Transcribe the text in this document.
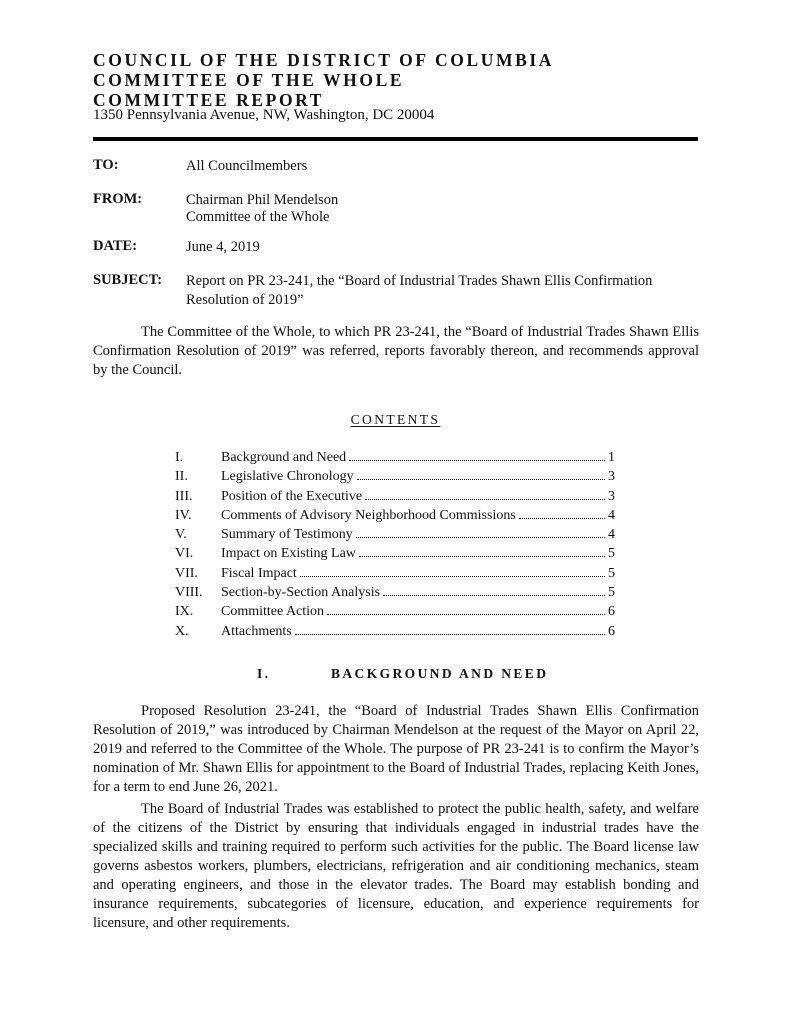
COUNCIL OF THE DISTRICT OF COLUMBIA

COMMITTEE OF THE WHOLE

COMMITTEE REPORT

1350 Pennsylvania Avenue, NW, Washington, DC 20004

TO:	All Councilmembers

FROM:	Chairman Phil Mendelson

Committee of the Whole

DATE:	June 4, 2019

SUBJECT: Report on PR 23-241, the “Board of Industrial Trades Shawn Ellis Confirmation Resolution of 2019”

The Committee of the Whole, to which PR 23-241, the “Board of Industrial Trades Shawn Ellis Confirmation Resolution of 2019” was referred, reports favorably thereon, and recommends approval by the Council.

CONTENTS

I.	Background and Need	1
II.	Legislative Chronology	3
III.	Position of the Executive	3
IV.	Comments of Advisory Neighborhood Commissions	4
V.	Summary of Testimony	4
VI.	Impact on Existing Law	5
VII.	Fiscal Impact	5
VIII.	Section-by-Section Analysis	5
IX.	Committee Action	6
X.	Attachments	6

I.	BACKGROUND AND NEED

Proposed Resolution 23-241, the “Board of Industrial Trades Shawn Ellis Confirmation Resolution of 2019,” was introduced by Chairman Mendelson at the request of the Mayor on April 22, 2019 and referred to the Committee of the Whole. The purpose of PR 23-241 is to confirm the Mayor’s nomination of Mr. Shawn Ellis for appointment to the Board of Industrial Trades, replacing Keith Jones, for a term to end June 26, 2021.

The Board of Industrial Trades was established to protect the public health, safety, and welfare of the citizens of the District by ensuring that individuals engaged in industrial trades have the specialized skills and training required to perform such activities for the public. The Board license law governs asbestos workers, plumbers, electricians, refrigeration and air conditioning mechanics, steam and operating engineers, and those in the elevator trades. The Board may establish bonding and insurance requirements, subcategories of licensure, education, and experience requirements for licensure, and other requirements.
